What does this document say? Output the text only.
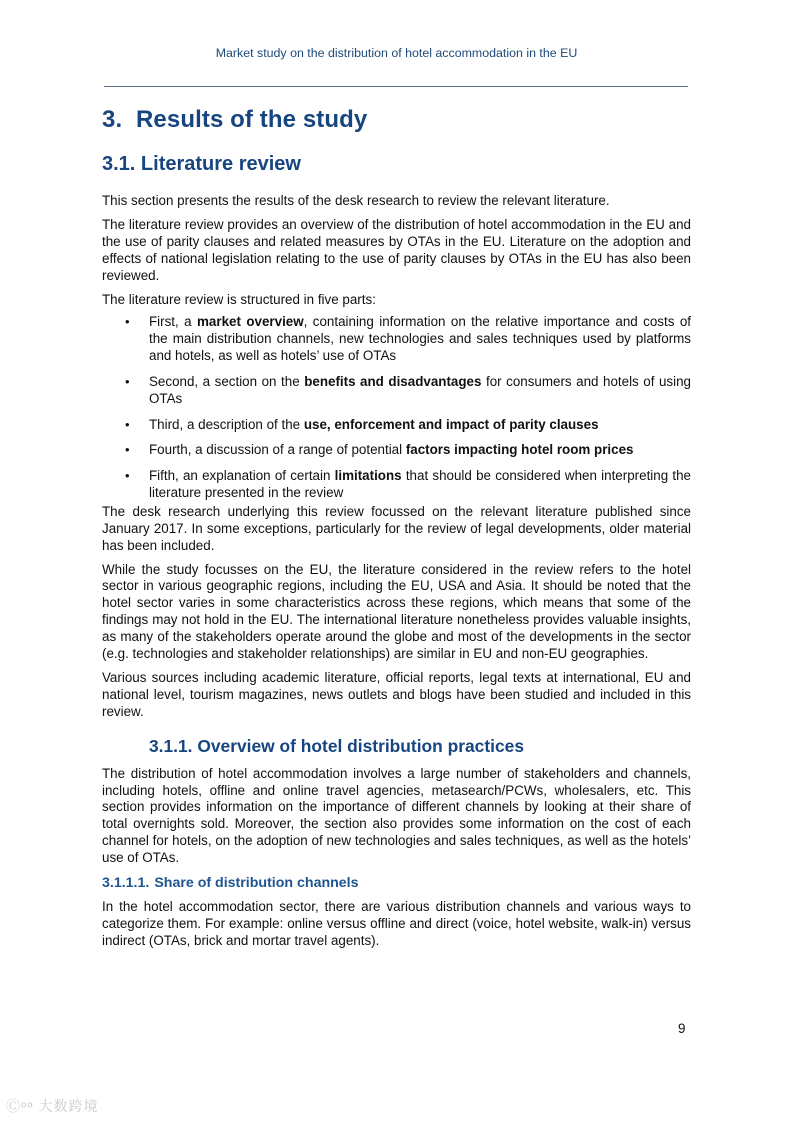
Market study on the distribution of hotel accommodation in the EU
3. Results of the study
3.1. Literature review

This section presents the results of the desk research to review the relevant literature.

The literature review provides an overview of the distribution of hotel accommodation in the EU and the use of parity clauses and related measures by OTAs in the EU. Literature on the adoption and effects of national legislation relating to the use of parity clauses by OTAs in the EU has also been reviewed.

The literature review is structured in five parts:

• First, a market overview, containing information on the relative importance and costs of the main distribution channels, new technologies and sales techniques used by platforms and hotels, as well as hotels’ use of OTAs
• Second, a section on the benefits and disadvantages for consumers and hotels of using OTAs
• Third, a description of the use, enforcement and impact of parity clauses
• Fourth, a discussion of a range of potential factors impacting hotel room prices
• Fifth, an explanation of certain limitations that should be considered when interpreting the literature presented in the review

The desk research underlying this review focussed on the relevant literature published since January 2017. In some exceptions, particularly for the review of legal developments, older material has been included.

While the study focusses on the EU, the literature considered in the review refers to the hotel sector in various geographic regions, including the EU, USA and Asia. It should be noted that the hotel sector varies in some characteristics across these regions, which means that some of the findings may not hold in the EU. The international literature nonetheless provides valuable insights, as many of the stakeholders operate around the globe and most of the developments in the sector (e.g. technologies and stakeholder relationships) are similar in EU and non-EU geographies.

Various sources including academic literature, official reports, legal texts at international, EU and national level, tourism magazines, news outlets and blogs have been studied and included in this review.

3.1.1. Overview of hotel distribution practices

The distribution of hotel accommodation involves a large number of stakeholders and channels, including hotels, offline and online travel agencies, metasearch/PCWs, wholesalers, etc. This section provides information on the importance of different channels by looking at their share of total overnights sold. Moreover, the section also provides some information on the cost of each channel for hotels, on the adoption of new technologies and sales techniques, as well as the hotels’ use of OTAs.

3.1.1.1. Share of distribution channels

In the hotel accommodation sector, there are various distribution channels and various ways to categorize them. For example: online versus offline and direct (voice, hotel website, walk-in) versus indirect (OTAs, brick and mortar travel agents).

9
Ⓒᵒᵒ 大数跨境
